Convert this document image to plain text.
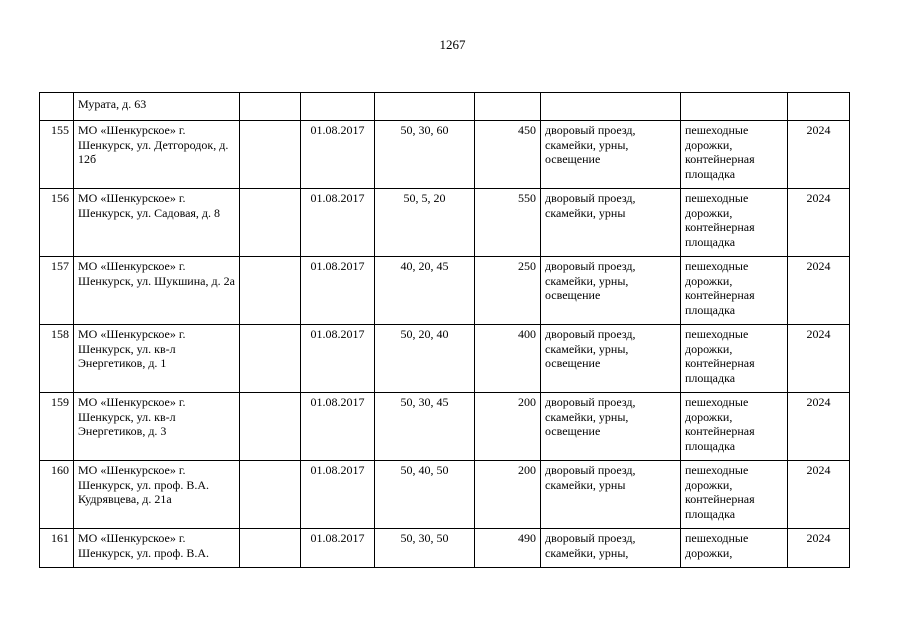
1267
	Мурата, д. 63							
155	МО «Шенкурское» г. Шенкурск, ул. Детгородок, д. 12б		01.08.2017	50, 30, 60	450	дворовый проезд, скамейки, урны, освещение	пешеходные дорожки, контейнерная площадка	2024
156	МО «Шенкурское» г. Шенкурск, ул. Садовая, д. 8		01.08.2017	50, 5, 20	550	дворовый проезд, скамейки, урны	пешеходные дорожки, контейнерная площадка	2024
157	МО «Шенкурское» г. Шенкурск, ул. Шукшина, д. 2а		01.08.2017	40, 20, 45	250	дворовый проезд, скамейки, урны, освещение	пешеходные дорожки, контейнерная площадка	2024
158	МО «Шенкурское» г. Шенкурск, ул. кв-л Энергетиков, д. 1		01.08.2017	50, 20, 40	400	дворовый проезд, скамейки, урны, освещение	пешеходные дорожки, контейнерная площадка	2024
159	МО «Шенкурское» г. Шенкурск, ул. кв-л Энергетиков, д. 3		01.08.2017	50, 30, 45	200	дворовый проезд, скамейки, урны, освещение	пешеходные дорожки, контейнерная площадка	2024
160	МО «Шенкурское» г. Шенкурск, ул. проф. В.А. Кудрявцева, д. 21а		01.08.2017	50, 40, 50	200	дворовый проезд, скамейки, урны	пешеходные дорожки, контейнерная площадка	2024
161	МО «Шенкурское» г. Шенкурск, ул. проф. В.А.		01.08.2017	50, 30, 50	490	дворовый проезд, скамейки, урны,	пешеходные дорожки,	2024
